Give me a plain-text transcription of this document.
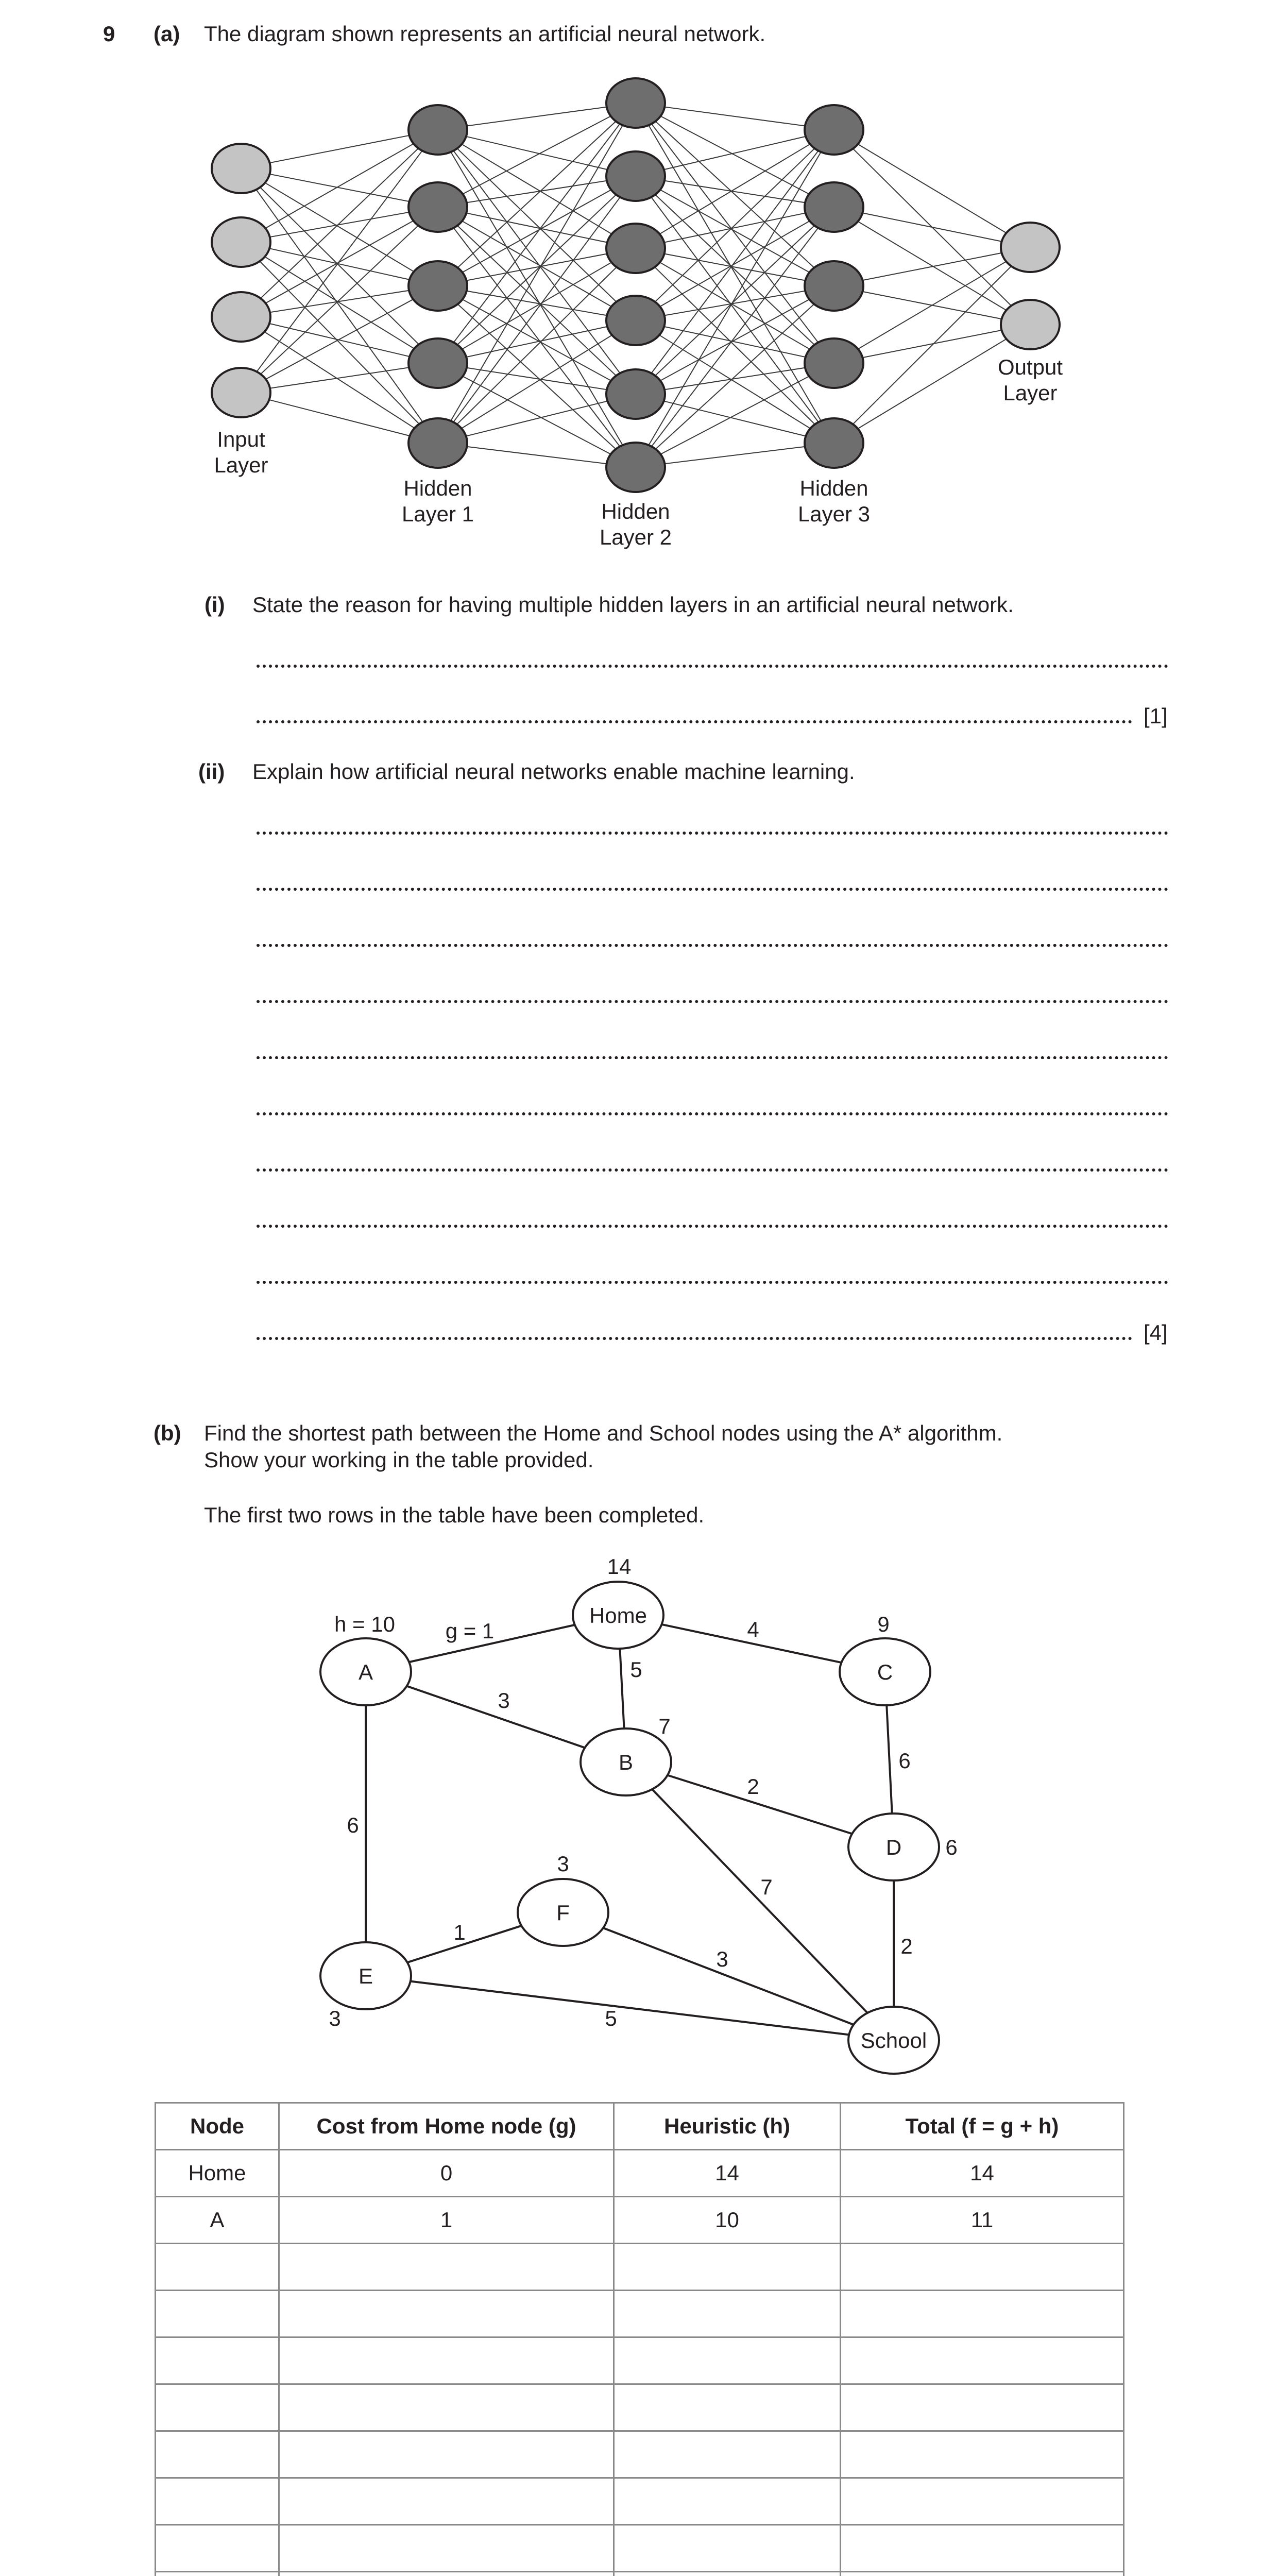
9 (a) The diagram shown represents an artificial neural network.
Input
Layer
Hidden
Layer 1	Hidden
Layer 2
Hidden
Layer 3
Output
Layer
(i) State the reason for having multiple hidden layers in an artificial neural network.
[1]
(ii) Explain how artificial neural networks enable machine learning.
[4]
(b) Find the shortest path between the Home and School nodes using the A* algorithm.
Show your working in the table provided.
The first two rows in the table have been completed.
Home
A
B
C
D
E
F
School
14
h = 10
7
9
6
3
3
g = 1
5
4
3
6
2
7
6
2
1
3
5
Node	Cost from Home node (g)	Heuristic (h)	Total (f = g + h)
Home	0	14	14
A	1	10	11
